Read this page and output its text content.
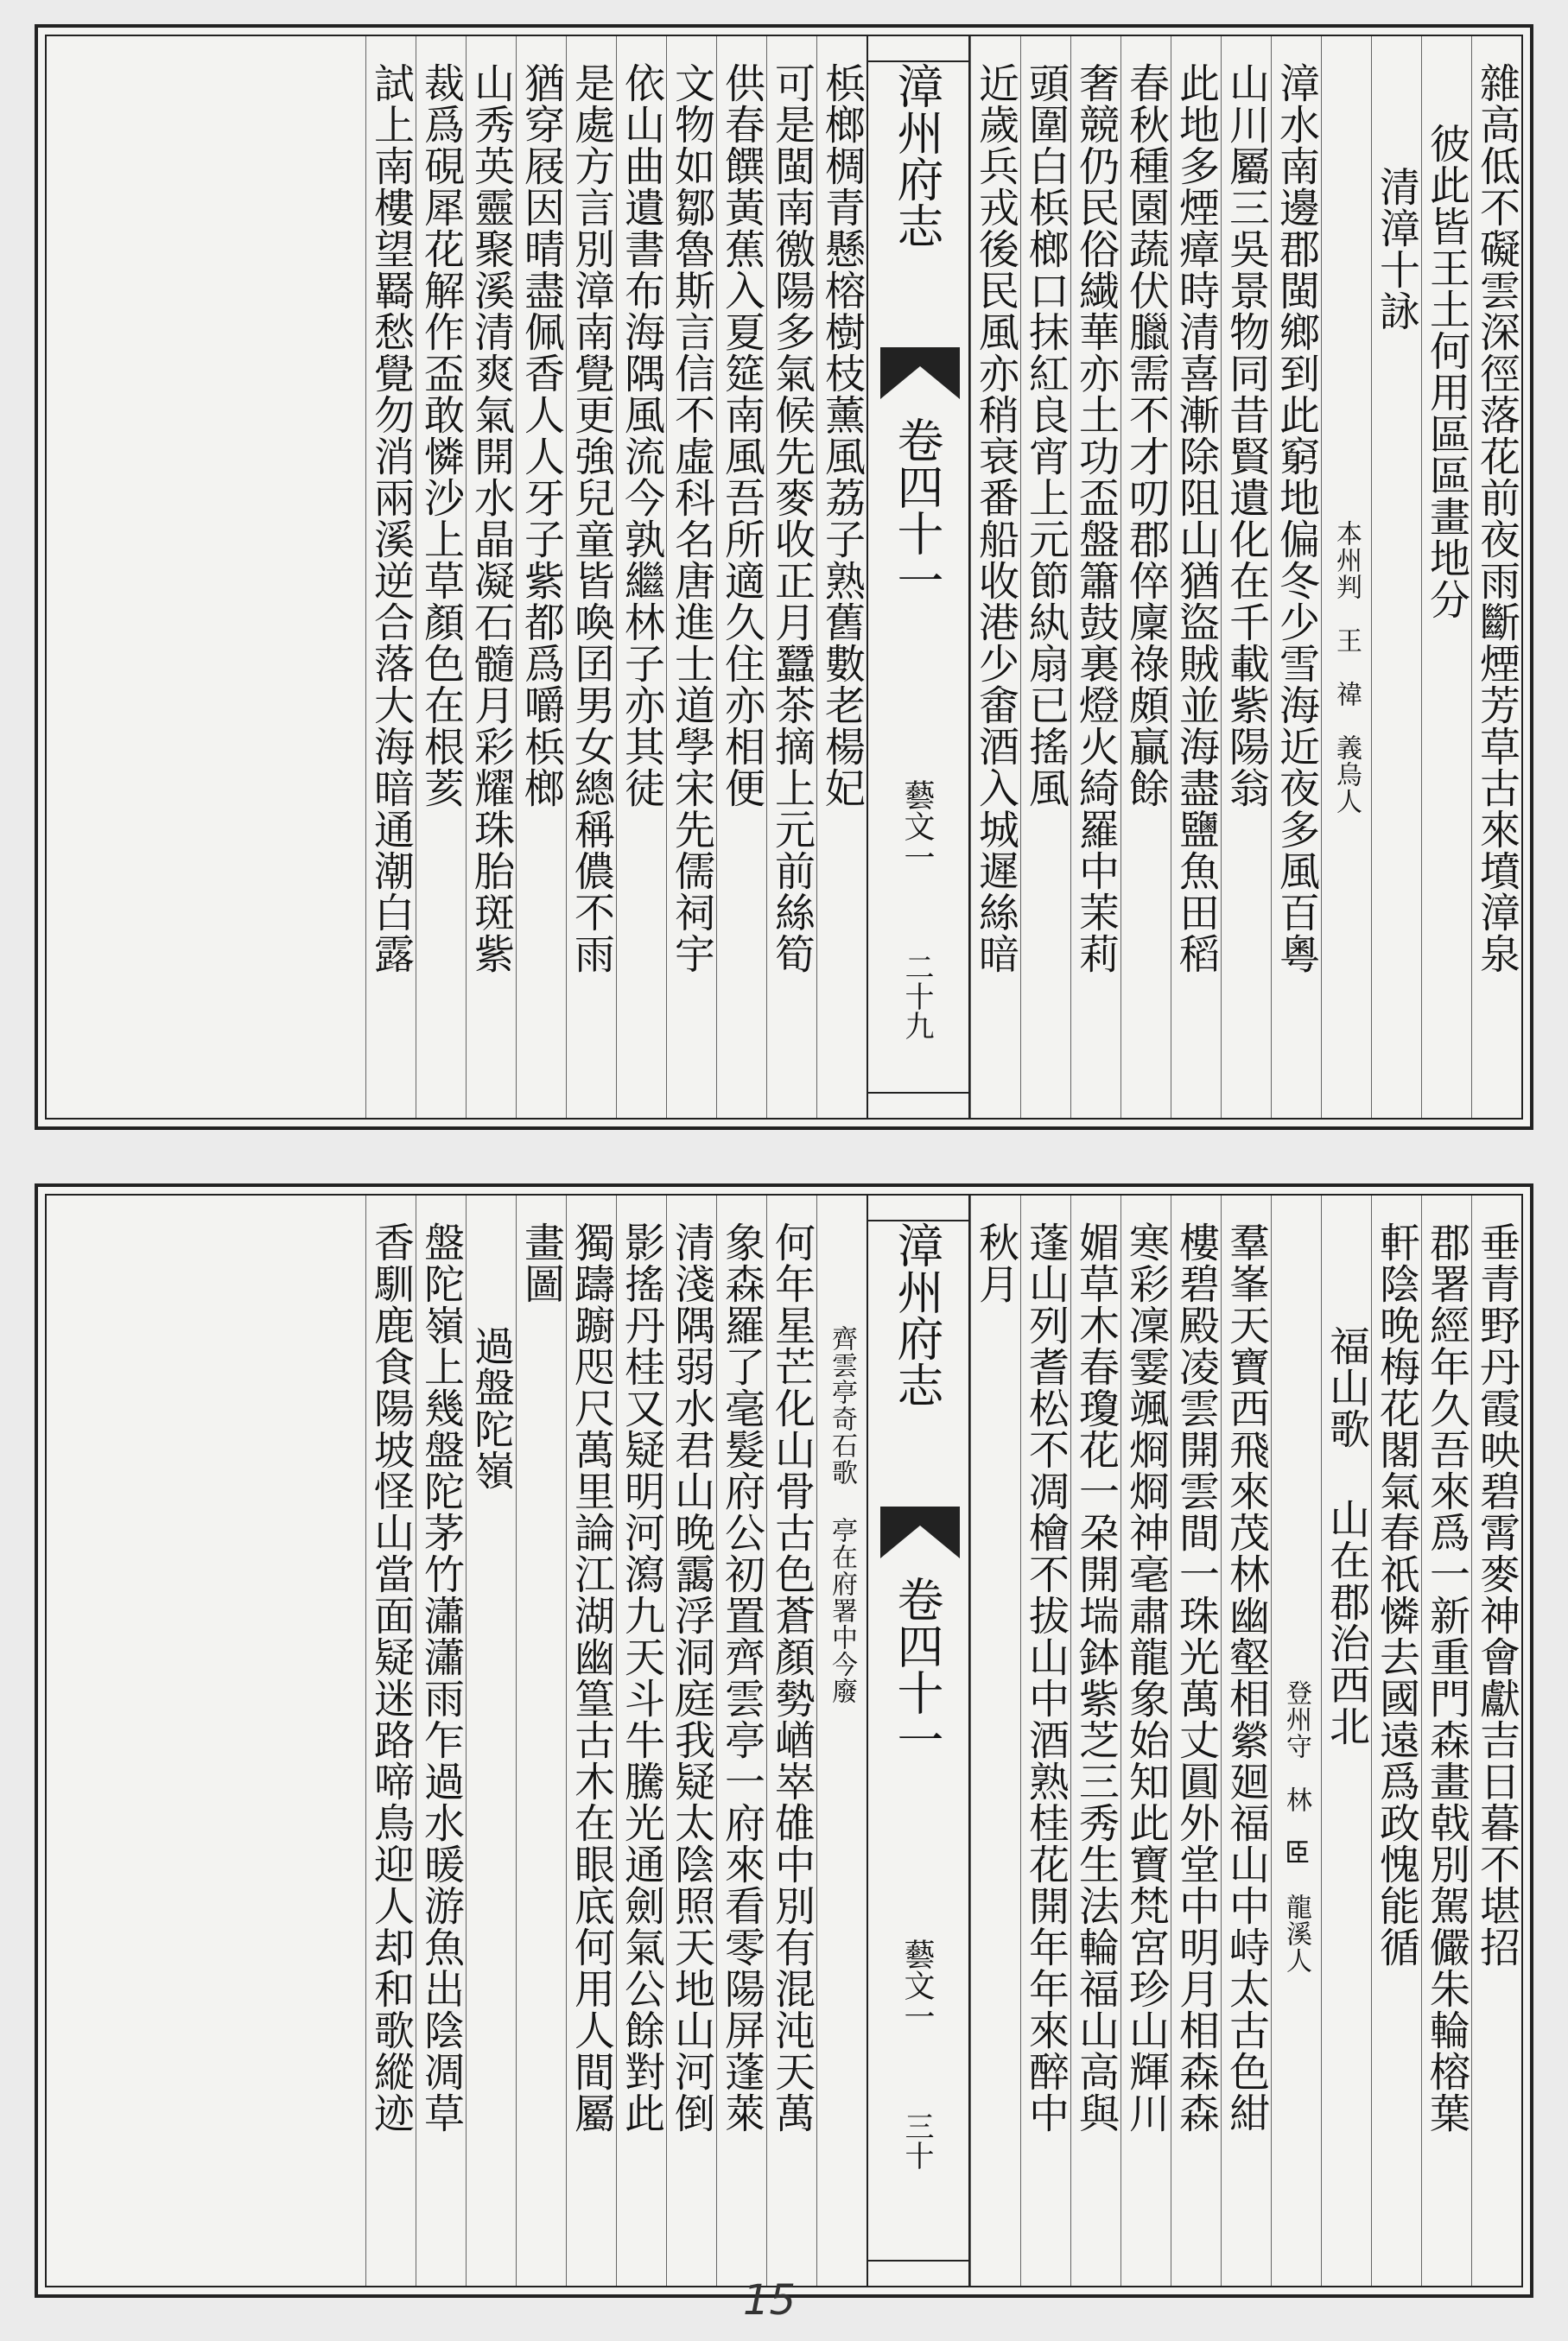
雜高低不礙雲深徑落花前夜雨斷煙芳草古來墳漳泉
彼此皆王土何用區區畫地分
清漳十詠
本州判　王　禕　義烏人
漳水南邊郡閩鄉到此窮地偏冬少雪海近夜多風百粵
山川屬三吳景物同昔賢遺化在千載紫陽翁
此地多煙瘴時清喜漸除阻山猶盜賊並海盡鹽魚田稻
春秋種園蔬伏臘需不才叨郡倅廩祿頗贏餘
奢競仍民俗繊華亦土功盃盤簫鼓裏燈火綺羅中茉莉
頭圍白梹榔口抹紅良宵上元節紈扇已搖風
近歲兵戎後民風亦稍衰番船收港少畬酒入城遲絲暗
漳州府志
卷四十一
藝文一
二十九
梹榔椆青懸榕樹枝薰風荔子熟舊數老楊妃
可是閩南徼陽多氣候先麥收正月蠶茶摘上元前絲筍
供春饌黃蕉入夏筵南風吾所適久住亦相便
文物如鄒魯斯言信不虛科名唐進士道學宋先儒祠宇
依山曲遺書布海隅風流今孰繼林子亦其徒
是處方言別漳南覺更強兒童皆喚囝男女總稱儂不雨
猶穿屐因晴盡佩香人人牙子紫都爲嚼梹榔
山秀英靈聚溪清爽氣開水晶凝石髓月彩耀珠胎斑紫
裁爲硯犀花解作盃敢憐沙上草顏色在根荄
試上南樓望羇愁覺勿消兩溪逆合落大海暗通潮白露
垂青野丹霞映碧霄麥神會獻吉日暮不堪招
郡署經年久吾來爲一新重門森畫戟別駕儼朱輪榕葉
軒陰晚梅花閣氣春祇憐去國遠爲政愧能循
福山歌 山在郡治西北
登州守　林　𦣞　龍溪人
羣峯天寶西飛來茂林幽壑相縈廻福山中峙太古色紺
樓碧殿凌雲開雲間一珠光萬丈圓外堂中明月相森森
寒彩凜霎颯烱烱神毫肅龍象始知此寶梵宮珍山輝川
媚草木春瓊花一朶開㙐鉢紫芝三秀生法輪福山高與
蓬山列耆松不凋檜不拔山中酒熟桂花開年年來醉中
秋月
漳州府志
卷四十一
藝文一
三十
齊雲亭奇石歌 亭在府署中今廢
何年星芒化山骨古色蒼顏勢崷崒䧺中別有混沌天萬
象森羅了毫髮府公初置齊雲亭一府來看零陽屏蓬萊
清淺隅弱水君山晚靄浮洞庭我疑太陰照天地山河倒
影搖丹桂又疑明河瀉九天斗牛騰光通劍氣公餘對此
獨躊躕咫尺萬里論江湖幽篁古木在眼底何用人間屬
畫圖
過盤陀嶺
盤陀嶺上幾盤陀茅竹瀟瀟雨乍過水暖游魚出陰凋草
香馴鹿食陽坡怪山當面疑迷路啼鳥迎人却和歌縱迹
15
